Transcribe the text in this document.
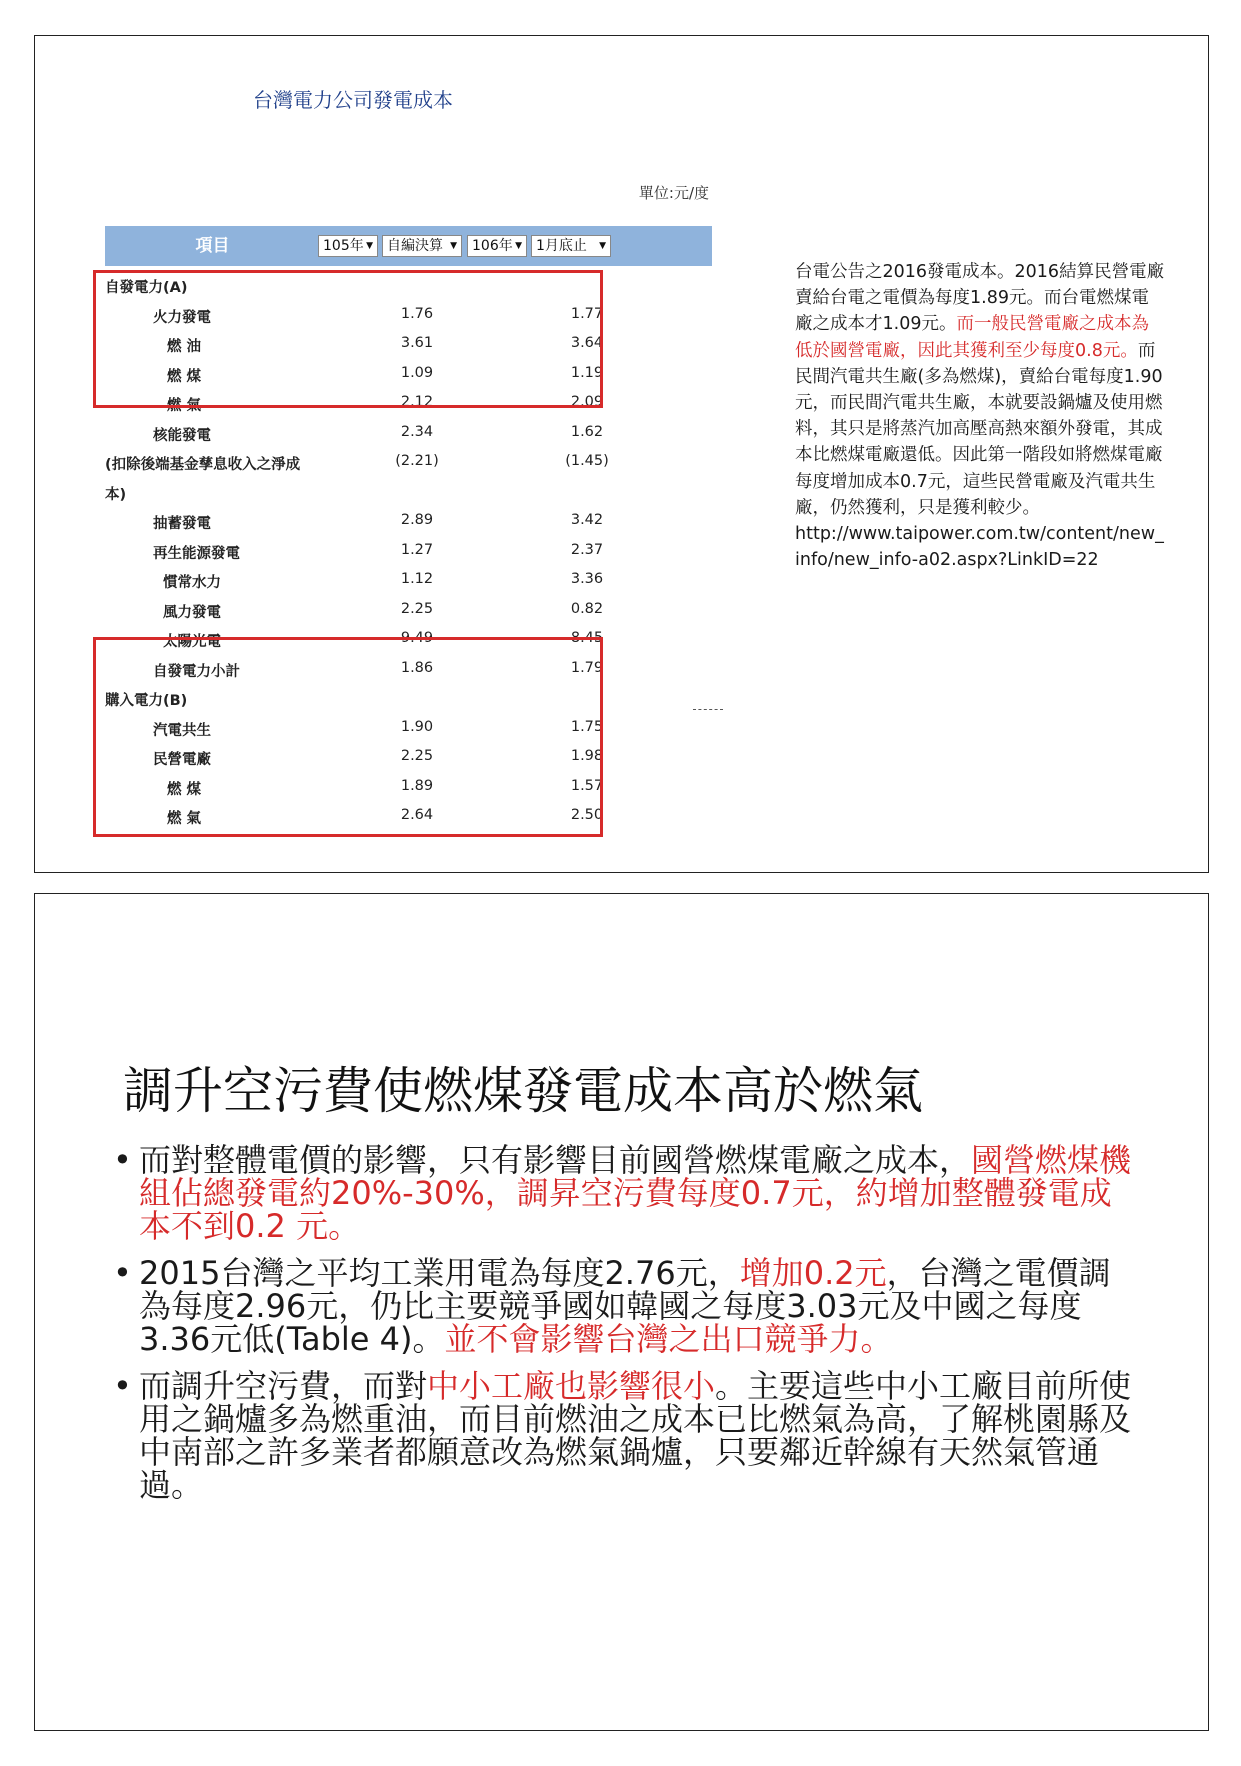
台灣電力公司發電成本
單位:元/度
項目	105年 ▼	自編決算 ▼	106年 ▼	1月底止 ▼
自發電力(A)
火力發電	1.76	1.77
燃 油	3.61	3.64
燃 煤	1.09	1.19
燃 氣	2.12	2.09
核能發電	2.34	1.62
(扣除後端基金孳息收入之淨成	(2.21)	(1.45)
本)
抽蓄發電	2.89	3.42
再生能源發電	1.27	2.37
慣常水力	1.12	3.36
風力發電	2.25	0.82
太陽光電	9.49	8.45
自發電力小計	1.86	1.79
購入電力(B)
汽電共生	1.90	1.75
民營電廠	2.25	1.98
燃 煤	1.89	1.57
燃 氣	2.64	2.50
台電公告之2016發電成本。2016結算民營電廠賣給台電之電價為每度1.89元。而台電燃煤電廠之成本才1.09元。而一般民營電廠之成本為低於國營電廠，因此其獲利至少每度0.8元。而民間汽電共生廠(多為燃煤)，賣給台電每度1.90 元，而民間汽電共生廠，本就要設鍋爐及使用燃料，其只是將蒸汽加高壓高熱來額外發電，其成本比燃煤電廠還低。因此第一階段如將燃煤電廠每度增加成本0.7元，這些民營電廠及汽電共生廠，仍然獲利，只是獲利較少。
http://www.taipower.com.tw/content/new_info/new_info-a02.aspx?LinkID=22
調升空污費使燃煤發電成本高於燃氣
• 而對整體電價的影響，只有影響目前國營燃煤電廠之成本，國營燃煤機組佔總發電約20%-30%，調昇空污費每度0.7元，約增加整體發電成本不到0.2 元。
• 2015台灣之平均工業用電為每度2.76元，增加0.2元，台灣之電價調為每度2.96元，仍比主要競爭國如韓國之每度3.03元及中國之每度3.36元低(Table 4)。並不會影響台灣之出口競爭力。
• 而調升空污費，而對中小工廠也影響很小。主要這些中小工廠目前所使用之鍋爐多為燃重油，而目前燃油之成本已比燃氣為高，了解桃園縣及中南部之許多業者都願意改為燃氣鍋爐，只要鄰近幹線有天然氣管通過。
